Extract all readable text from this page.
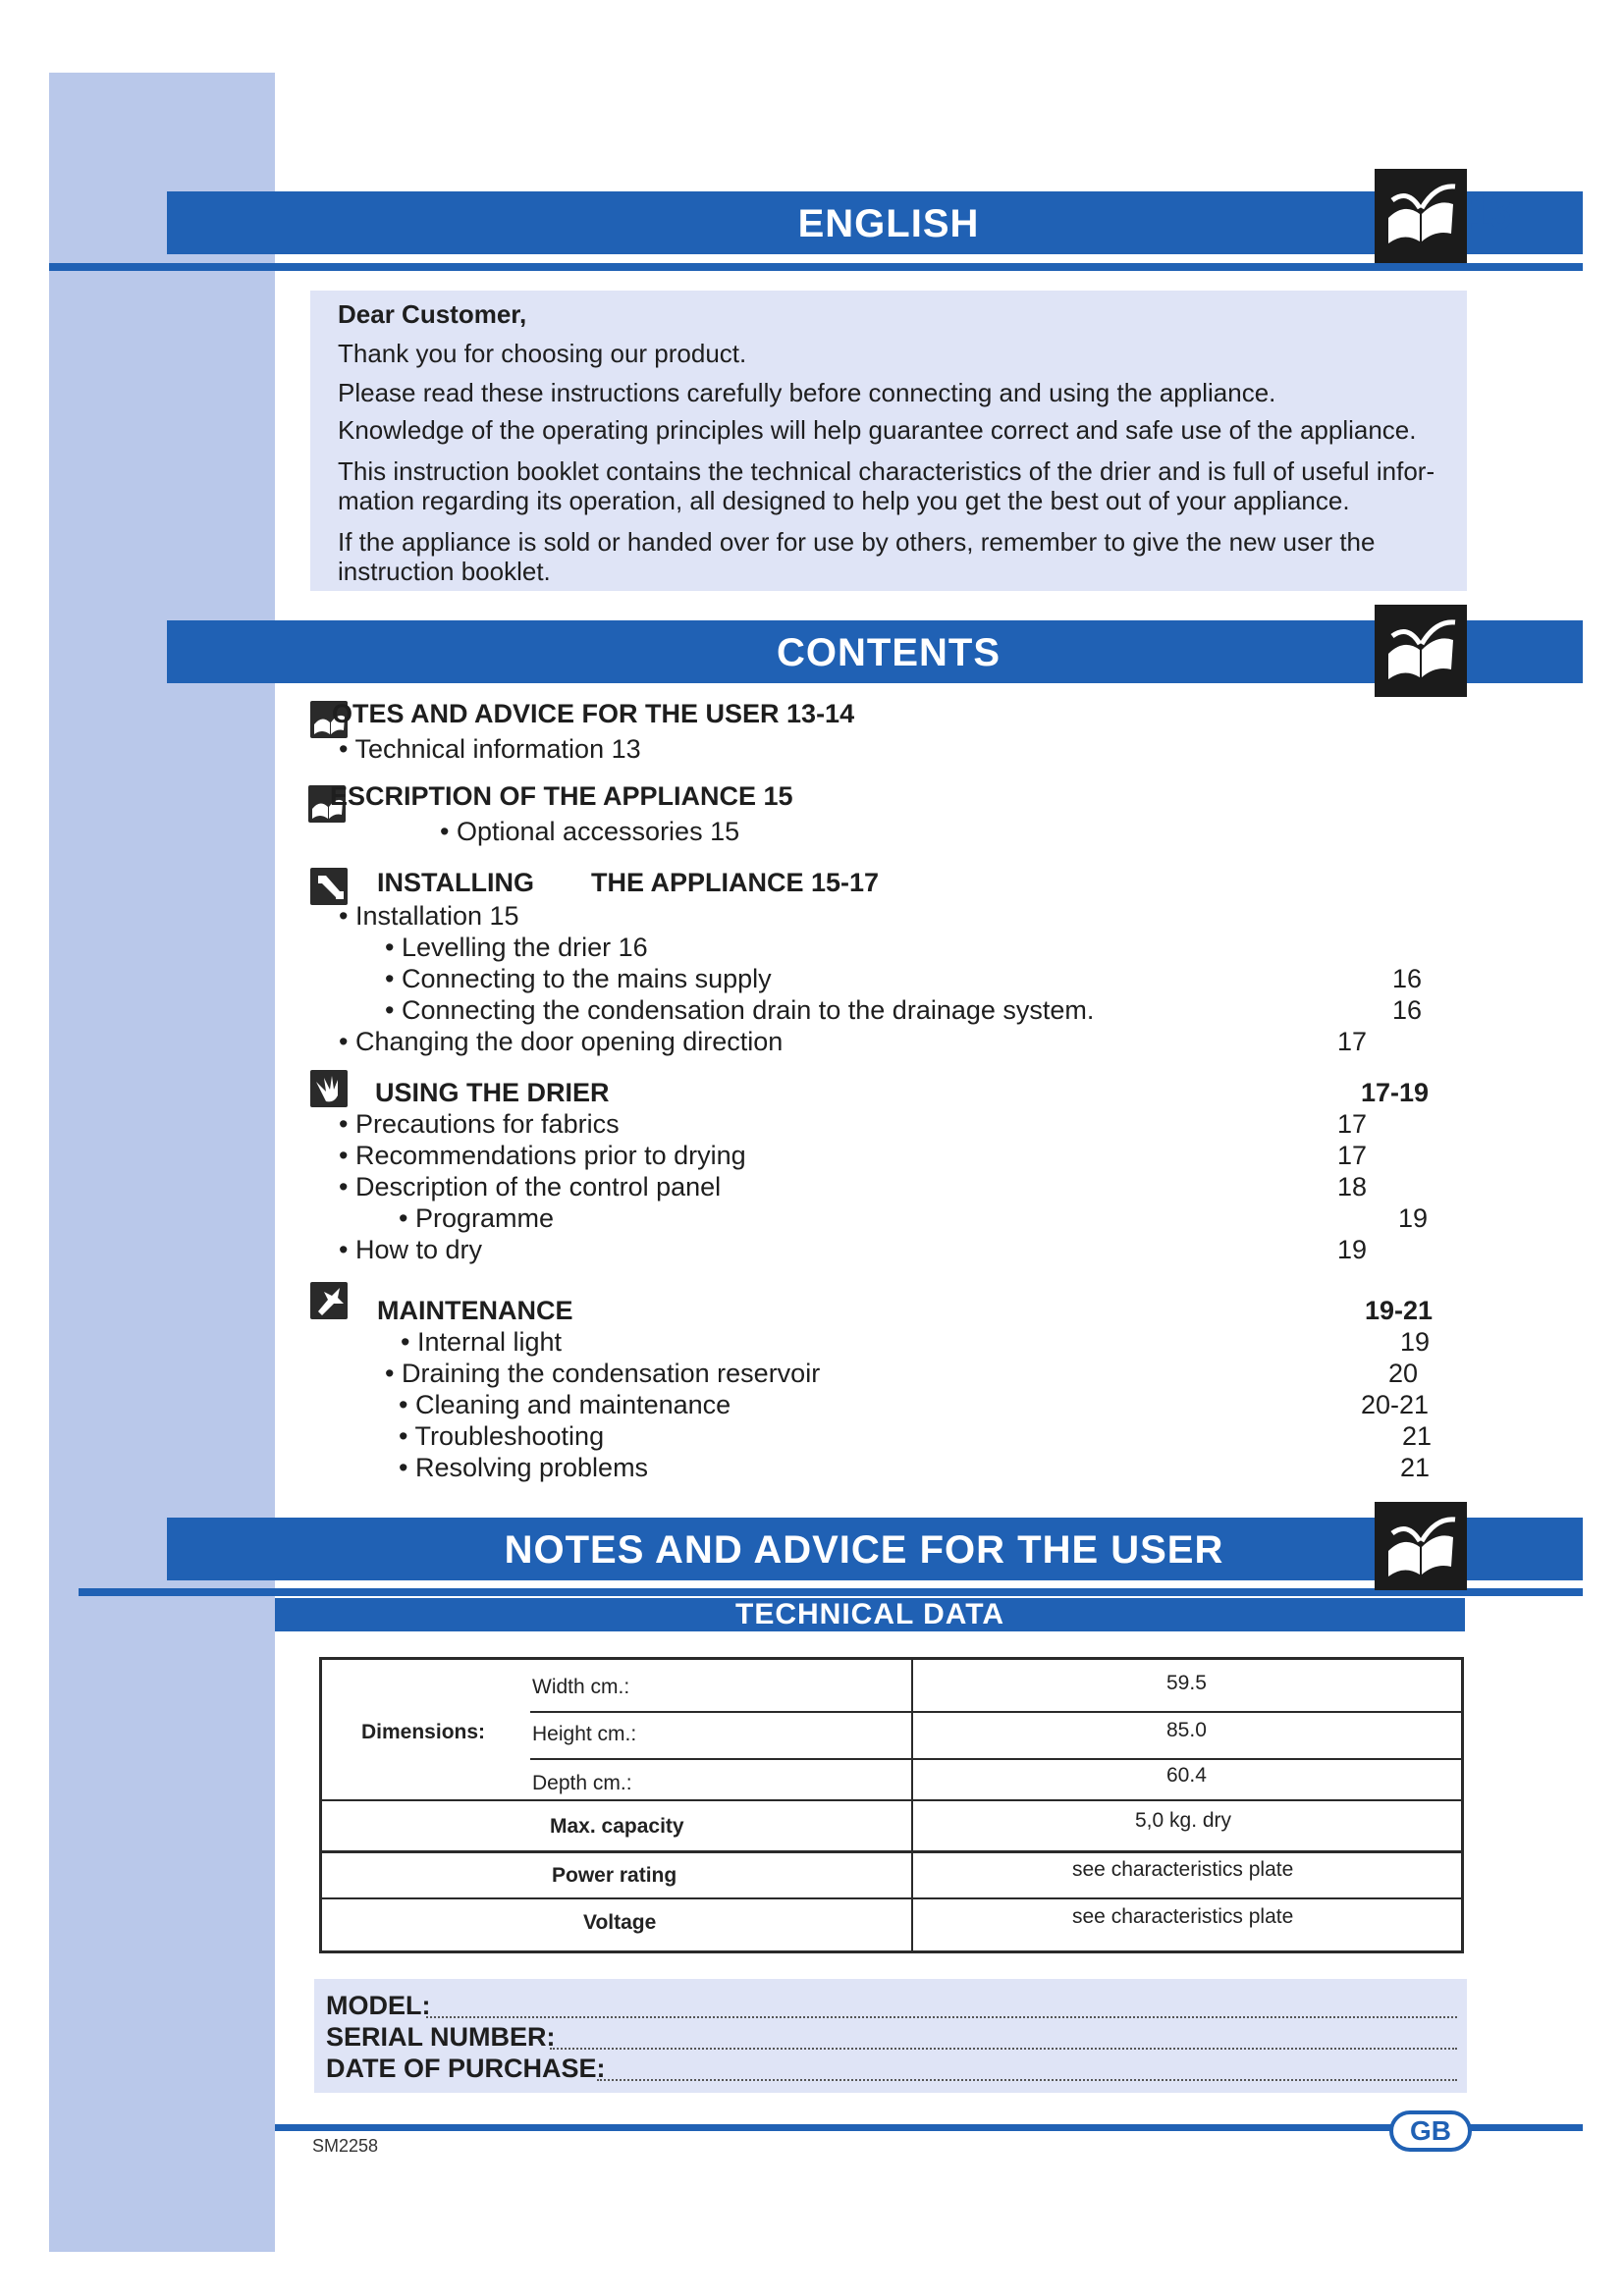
ENGLISH	13

Dear Customer,

Thank you for choosing our product.

Please read these instructions carefully before connecting and using the appliance.

Knowledge of the operating principles will help guarantee correct and safe use of the appliance.

This instruction booklet contains the technical characteristics of the drier and is full of useful infor-

mation regarding its operation, all designed to help you get the best out of your appliance.

If the appliance is sold or handed over for use by others, remember to give the new user the

instruction booklet.

CONTENTS
OTES AND ADVICE FOR THE USER 13-14
• Technical information 13
ESCRIPTION OF THE APPLIANCE 15
• Optional accessories 15
INSTALLING THE APPLIANCE 15-17
• Installation 15
• Levelling the drier 16
• Connecting to the mains supply	16
• Connecting the condensation drain to the drainage system.	16
• Changing the door opening direction	17
USING THE DRIER	17-19
• Precautions for fabrics	17
• Recommendations prior to drying	17
• Description of the control panel	18
• Programme	19
• How to dry	19
MAINTENANCE	19-21
• Internal light	19
• Draining the condensation reservoir	20
• Cleaning and maintenance	20-21
• Troubleshooting	21
• Resolving problems	21
NOTES AND ADVICE FOR THE USER
TECHNICAL DATA
Dimensions:
Width cm.:	59.5
Height cm.:	85.0
Depth cm.:	60.4
Max. capacity	5,0 kg. dry
Power rating	see characteristics plate
Voltage	see characteristics plate
MODEL:
SERIAL NUMBER:
DATE OF PURCHASE:
GB
SM2258
